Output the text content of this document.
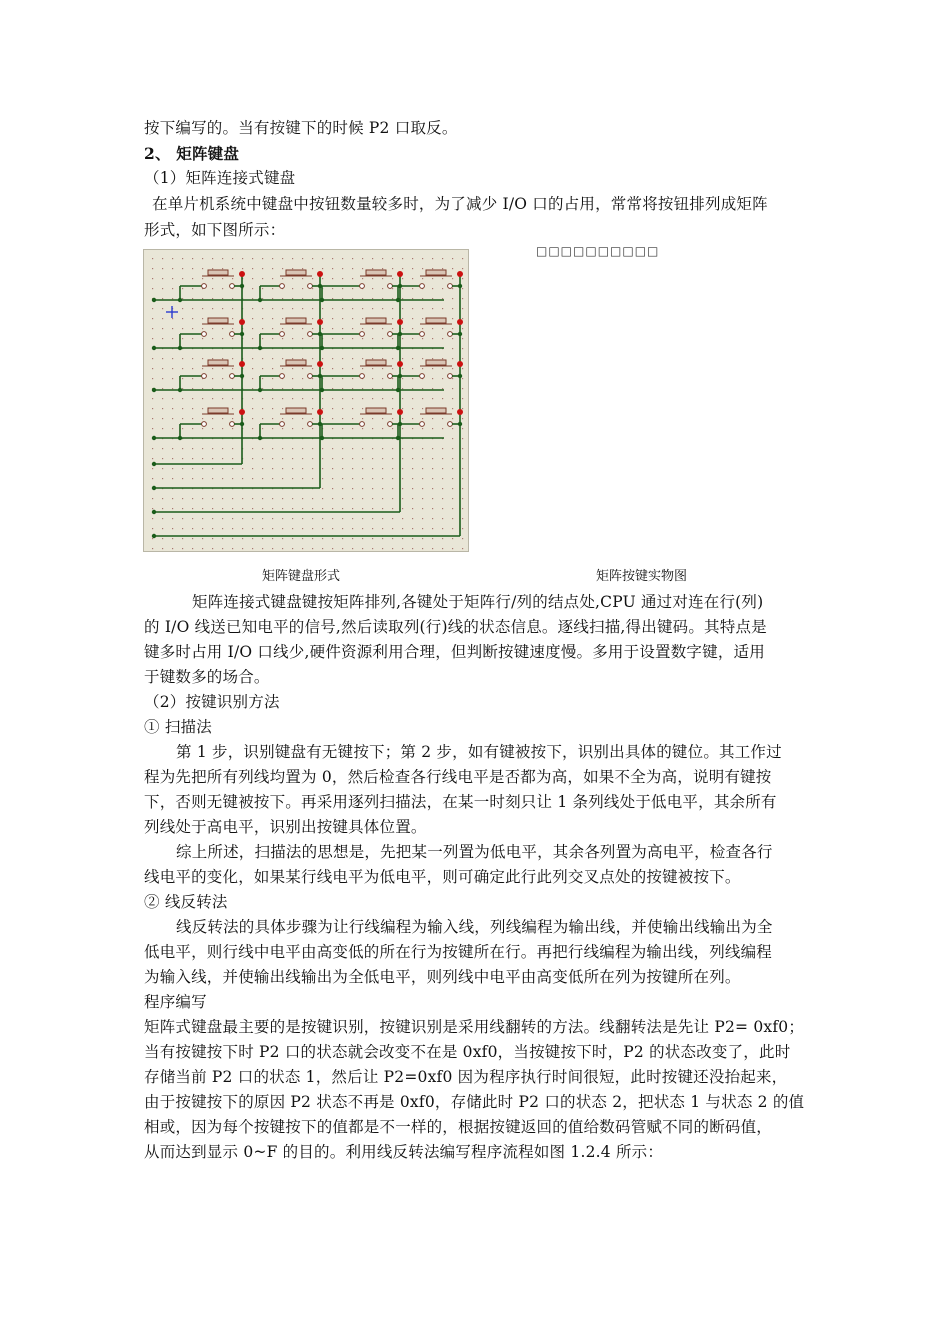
按下编写的。当有按键下的时候 P2 口取反。
2、 矩阵键盘
（1）矩阵连接式键盘
在单片机系统中键盘中按钮数量较多时，为了减少 I/O 口的占用，常常将按钮排列成矩阵
形式，如下图所示：
□□□□□□□□□□
矩阵键盘形式	矩阵按键实物图
矩阵连接式键盘键按矩阵排列,各键处于矩阵行/列的结点处,CPU 通过对连在行(列)
的 I/O 线送已知电平的信号,然后读取列(行)线的状态信息。逐线扫描,得出键码。其特点是
键多时占用 I/O 口线少,硬件资源利用合理，但判断按键速度慢。多用于设置数字键，适用
于键数多的场合。
（2）按键识别方法
① 扫描法
第 1 步，识别键盘有无键按下；第 2 步，如有键被按下，识别出具体的键位。其工作过
程为先把所有列线均置为 0，然后检查各行线电平是否都为高，如果不全为高，说明有键按
下，否则无键被按下。再采用逐列扫描法，在某一时刻只让 1 条列线处于低电平，其余所有
列线处于高电平，识别出按键具体位置。
综上所述，扫描法的思想是，先把某一列置为低电平，其余各列置为高电平，检查各行
线电平的变化，如果某行线电平为低电平，则可确定此行此列交叉点处的按键被按下。
② 线反转法
线反转法的具体步骤为让行线编程为输入线，列线编程为输出线，并使输出线输出为全
低电平，则行线中电平由高变低的所在行为按键所在行。再把行线编程为输出线，列线编程
为输入线，并使输出线输出为全低电平，则列线中电平由高变低所在列为按键所在列。
程序编写
矩阵式键盘最主要的是按键识别，按键识别是采用线翻转的方法。线翻转法是先让 P2= 0xf0；
当有按键按下时 P2 口的状态就会改变不在是 0xf0，当按键按下时，P2 的状态改变了，此时
存储当前 P2 口的状态 1，然后让 P2=0xf0 因为程序执行时间很短，此时按键还没抬起来，
由于按键按下的原因 P2 状态不再是 0xf0，存储此时 P2 口的状态 2，把状态 1 与状态 2 的值
相或，因为每个按键按下的值都是不一样的，根据按键返回的值给数码管赋不同的断码值，
从而达到显示 0~F 的目的。利用线反转法编写程序流程如图 1.2.4 所示：
